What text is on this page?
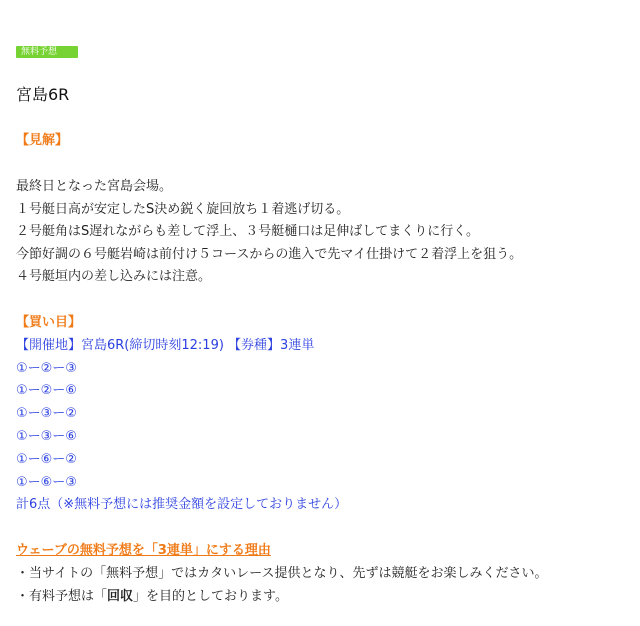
無料予想
宮島6R
【見解】
最終日となった宮島会場。
１号艇日高が安定したS決め鋭く旋回放ち１着逃げ切る。
２号艇角はS遅れながらも差して浮上、３号艇樋口は足伸ばしてまくりに行く。
今節好調の６号艇岩崎は前付け５コースからの進入で先マイ仕掛けて２着浮上を狙う。
４号艇垣内の差し込みには注意。
【買い目】
【開催地】宮島6R(締切時刻12:19) 【券種】3連単
①ー②ー③
①ー②ー⑥
①ー③ー②
①ー③ー⑥
①ー⑥ー②
①ー⑥ー③
計6点（※無料予想には推奨金額を設定しておりません）
ウェーブの無料予想を「3連単」にする理由
・当サイトの「無料予想」ではカタいレース提供となり、先ずは競艇をお楽しみください。
・有料予想は「回収」を目的としております。
